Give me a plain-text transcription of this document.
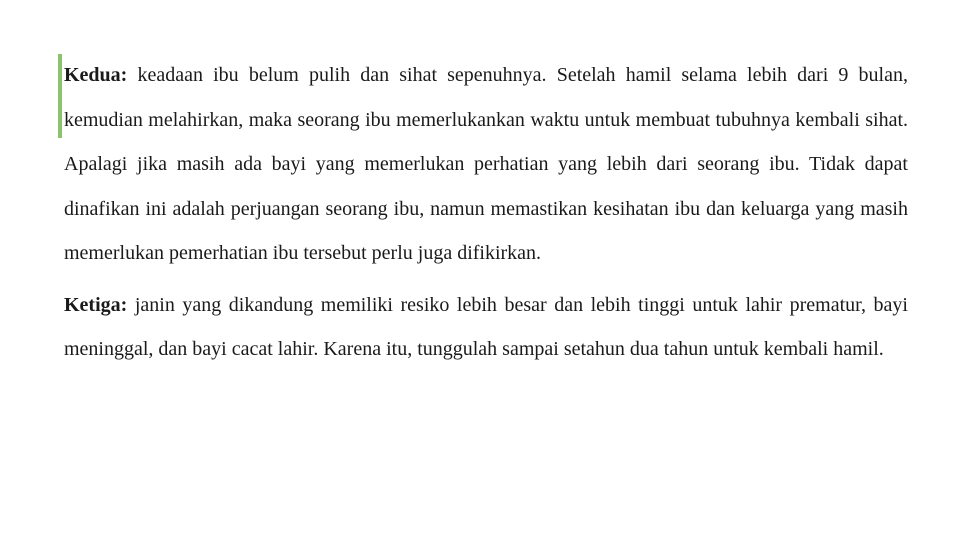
Kedua: keadaan ibu belum pulih dan sihat sepenuhnya. Setelah hamil selama lebih dari 9 bulan, kemudian melahirkan, maka seorang ibu memerlukankan waktu untuk membuat tubuhnya kembali sihat. Apalagi jika masih ada bayi yang memerlukan perhatian yang lebih dari seorang ibu. Tidak dapat dinafikan ini adalah perjuangan seorang ibu, namun memastikan kesihatan ibu dan keluarga yang masih memerlukan pemerhatian ibu tersebut perlu juga difikirkan.

Ketiga: janin yang dikandung memiliki resiko lebih besar dan lebih tinggi untuk lahir prematur, bayi meninggal, dan bayi cacat lahir. Karena itu, tunggulah sampai setahun dua tahun untuk kembali hamil.
